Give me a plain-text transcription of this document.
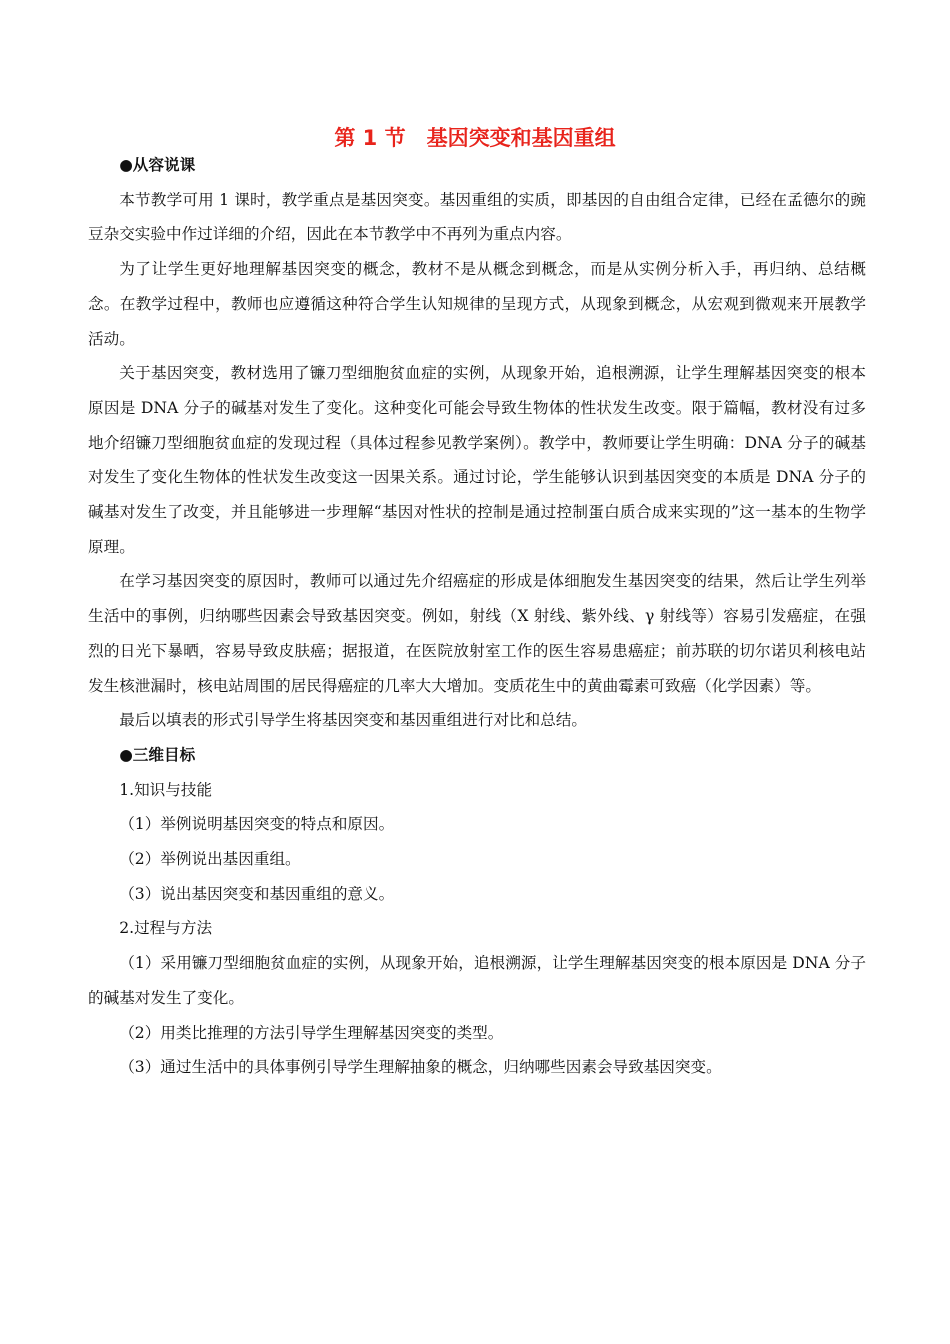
第 1 节　基因突变和基因重组

●从容说课

本节教学可用 1 课时，教学重点是基因突变。基因重组的实质，即基因的自由组合定律，已经在孟德尔的豌豆杂交实验中作过详细的介绍，因此在本节教学中不再列为重点内容。

为了让学生更好地理解基因突变的概念，教材不是从概念到概念，而是从实例分析入手，再归纳、总结概念。在教学过程中，教师也应遵循这种符合学生认知规律的呈现方式，从现象到概念，从宏观到微观来开展教学活动。

关于基因突变，教材选用了镰刀型细胞贫血症的实例，从现象开始，追根溯源，让学生理解基因突变的根本原因是 DNA 分子的碱基对发生了变化。这种变化可能会导致生物体的性状发生改变。限于篇幅，教材没有过多地介绍镰刀型细胞贫血症的发现过程（具体过程参见教学案例）。教学中，教师要让学生明确：DNA 分子的碱基对发生了变化生物体的性状发生改变这一因果关系。通过讨论，学生能够认识到基因突变的本质是 DNA 分子的碱基对发生了改变，并且能够进一步理解“基因对性状的控制是通过控制蛋白质合成来实现的”这一基本的生物学原理。

在学习基因突变的原因时，教师可以通过先介绍癌症的形成是体细胞发生基因突变的结果，然后让学生列举生活中的事例，归纳哪些因素会导致基因突变。例如，射线（X 射线、紫外线、γ 射线等）容易引发癌症，在强烈的日光下暴晒，容易导致皮肤癌；据报道，在医院放射室工作的医生容易患癌症；前苏联的切尔诺贝利核电站发生核泄漏时，核电站周围的居民得癌症的几率大大增加。变质花生中的黄曲霉素可致癌（化学因素）等。

最后以填表的形式引导学生将基因突变和基因重组进行对比和总结。

●三维目标

1.知识与技能

（1）举例说明基因突变的特点和原因。

（2）举例说出基因重组。

（3）说出基因突变和基因重组的意义。

2.过程与方法

（1）采用镰刀型细胞贫血症的实例，从现象开始，追根溯源，让学生理解基因突变的根本原因是 DNA 分子的碱基对发生了变化。

（2）用类比推理的方法引导学生理解基因突变的类型。

（3）通过生活中的具体事例引导学生理解抽象的概念，归纳哪些因素会导致基因突变。
